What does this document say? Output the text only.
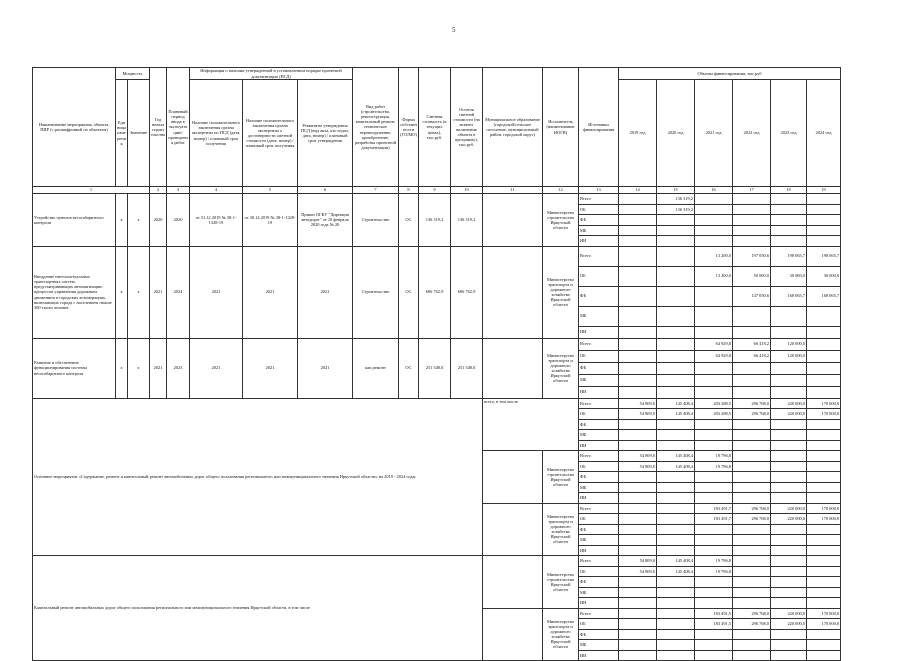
5
Наименование мероприятия, объекта, ПИР (с расшифровкой по объектам)	Мощность		Год начала строительства	Плановый период ввода в эксплуатацию/проведения работ	Информация о наличии утвержденной в установленном порядке проектной документации (ПСД)			Вид работ (строительство, реконструкция, капитальный ремонт, техническое перевооружение, приобретение, разработка проектной документации)	Форма собственности (ГО/МО)	Сметная стоимость (в текущих ценах), тыс.руб.	Остаток сметной стоимости (на момент включения объекта в программу), тыс.руб.	Муниципальное образование (городской/сельское поселение, муниципальный район, городской округ)	Исполнитель (наименование ИОГВ)	Источники финансирования	Объемы финансирования, тыс.руб					
	Единица измерения	Значение			Наличие положительного заключения органа экспертизы по ПСД (дата, номер) / плановый срок получения	Наличие положительного заключения органа экспертизы о достоверности сметной стоимости (дата, номер) / плановый срок получения	Реквизиты утверждения ПСД (вид акта, кто издал, дата, номер) / плановый срок утверждения								2019 год	2020 год	2021 год	2022 год	2023 год	2024 год
1			2	3	4	5	6	7	8	9	10	11	12	13	14	15	16	17	18	19
Устройство пунктов весогабаритного контроля	х	х	2020	2020	от 31.12.2019 № 38-1-1328-19	от 30.12.2019 № 38-1-1328-19	Приказ ОГКУ "Дирекция автодорог" от 10 февраля 2020 года № 20	Строительство	ОС	136 319,2	136 319,2		Министерство строительства Иркутской области	Всего		136 319,2				
														ОБ		136 319,2				
														ФБ						
														МБ						
														ИИ						
Внедрение интеллектуальных транспортных систем, предусматривающих автоматизацию процессов управления дорожным движением в городских агломерациях, включающих города с населением свыше 300 тысяч человек	х	х	2021	2024	2021	2021	2021	Строительство	ОС	606 762,9	606 762,9		Министерство транспорта и дорожного хозяйства Иркутской области	Всего			13 200,0	197 050,6	198 065,7	198 065,7
														ОБ			13 200,0	50 000,0	30 000,0	30 000,0
														ФБ				147 050,6	168 065,7	168 065,7
														МБ						
														ИИ						
Развитие и обеспечение функционирования системы весогабаритного контроля	х	х	2021	2023	2021	2021	2021	кап.ремонт	ОС	251 348,0	251 348,0		Министерство транспорта и дорожного хозяйства Иркутской области	Всего			64 929,8	66 418,2	120 000,0	
														ОБ			64 929,8	66 418,2	120 000,0	
														ФБ						
														МБ						
														ИИ						
Основное мероприятие «Содержание, ремонт и капитальный ремонт автомобильных дорог общего пользования регионального или межмуниципального значения Иркутской области» на 2019 - 2024 годы												всего, в том числе:		Всего	54 809,0	145 408,4	203 288,5	296 768,0	220 000,0	170 000,0
														ОБ	54 809,0	145 408,4	203 288,5	296 768,0	220 000,0	170 000,0
														ФБ						
														МБ						
														ИИ						
													Министерство строительства Иркутской области	Всего	54 809,0	145 408,4	19 796,8			
														ОБ	54 809,0	145 408,4	19 796,8			
														ФБ						
														МБ						
														ИИ						
													Министерство транспорта и дорожного хозяйства Иркутской области	Всего			183 491,7	296 768,0	220 000,0	170 000,0
														ОБ			183 491,7	296 768,0	220 000,0	170 000,0
														ФБ						
														МБ						
														ИИ						
Капитальный ремонт автомобильных дорог общего пользования регионального или межмуниципального значения Иркутской области, в том числе													Министерство строительства Иркутской области	Всего	54 809,0	145 408,4	19 796,8			
														ОБ	54 809,0	145 408,4	19 796,8			
														ФБ						
														МБ						
														ИИ						
													Министерство транспорта и дорожного хозяйства Иркутской области	Всего			183 491,5	296 768,0	220 000,0	170 000,0
														ОБ			183 491,5	296 768,0	220 000,0	170 000,0
														ФБ						
														МБ						
														ИИ						
